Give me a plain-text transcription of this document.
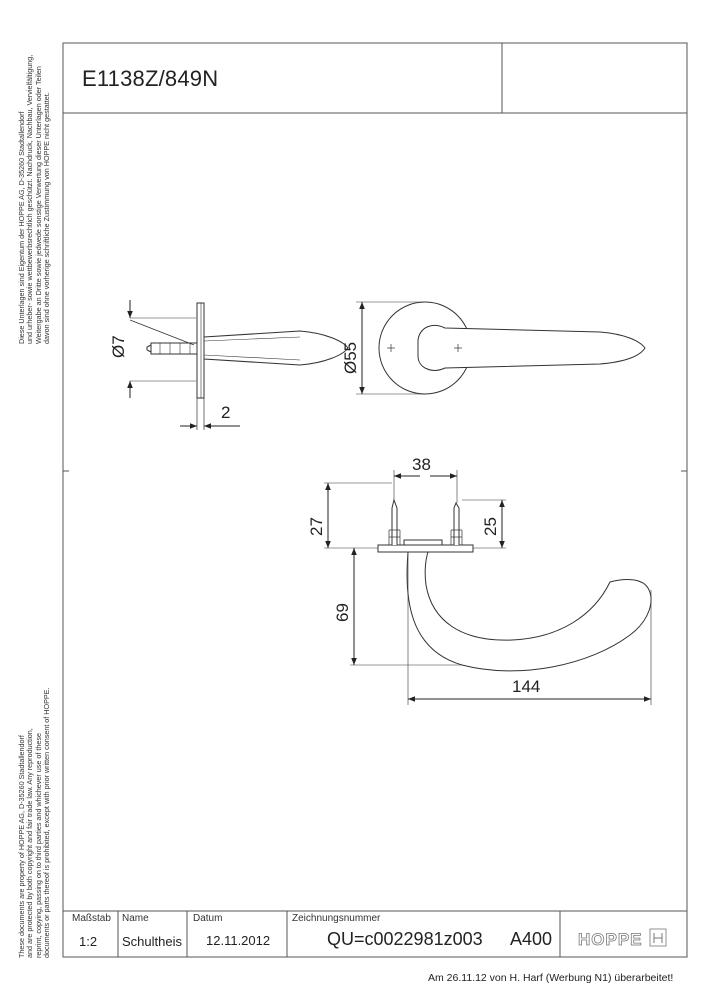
Diese Unterlagen sind Eigentum der HOPPE AG, D-35260 Stadtallendorf und urheber- sowie wettbewerbsrechtlich geschützt. Nachdruck, Nachbau, Vervielfältigung, Weitergabe an Dritte sowie jedwede sonstige Verwertung dieser Unterlagen oder Teilen davon sind ohne vorherige schriftliche Zustimmung von HOPPE nicht gestattet.
These documents are property of HOPPE AG, D-35260 Stadtallendorf and are protected by both copyright and fair trade law. Any reproduction, reprint, copying, passing on to third parties and whichever use of these documents or parts thereof is prohibited, except with prior written consent of HOPPE.
Ø7
2
Ø55
38
27	25
69
144
HOPPE
E1138Z/849N
Maßstab
1:2
Name
Schultheis
Datum
12.11.2012
Zeichnungsnummer
QU=c0022981z003 A400
Am 26.11.12 von H. Harf (Werbung N1) überarbeitet!
